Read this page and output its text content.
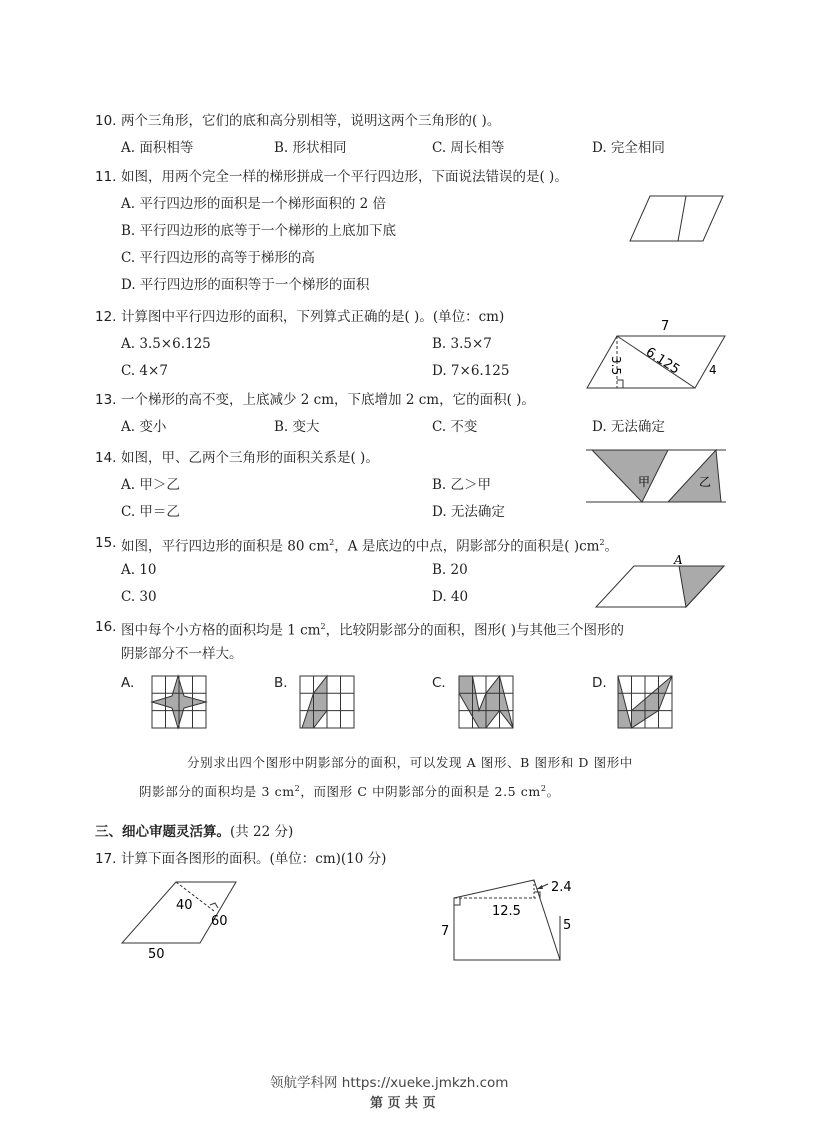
10. 两个三角形，它们的底和高分别相等，说明这两个三角形的( )。
A. 面积相等	B. 形状相同	C. 周长相等	D. 完全相同
11. 如图，用两个完全一样的梯形拼成一个平行四边形，下面说法错误的是( )。
A. 平行四边形的面积是一个梯形面积的 2 倍
B. 平行四边形的底等于一个梯形的上底加下底
C. 平行四边形的高等于梯形的高
D. 平行四边形的面积等于一个梯形的面积
12. 计算图中平行四边形的面积，下列算式正确的是( )。(单位：cm)
A. 3.5×6.125	B. 3.5×7
C. 4×7	D. 7×6.125
7
6.125
3.5	4
13. 一个梯形的高不变，上底减少 2 cm，下底增加 2 cm，它的面积( )。
A. 变小	B. 变大	C. 不变	D. 无法确定
14. 如图，甲、乙两个三角形的面积关系是( )。
A. 甲＞乙	B. 乙＞甲
C. 甲＝乙	D. 无法确定
甲	乙
15. 如图，平行四边形的面积是 80 $cm^2$，A 是底边的中点，阴影部分的面积是( )$cm^2$。
A. 10	B. 20
C. 30	D. 40
A
16. 图中每个小方格的面积均是 1 $cm^2$，比较阴影部分的面积，图形( )与其他三个图形的
阴影部分不一样大。
A.	B.	C.	D.
分别求出四个图形中阴影部分的面积，可以发现 A 图形、B 图形和 D 图形中
阴影部分的面积均是 3 $cm^2$，而图形 C 中阴影部分的面积是 2.5 $cm^2$。
三、细心审题灵活算。(共 22 分)
17. 计算下面各图形的面积。(单位：cm)(10 分)
40
60
50
2.4
12.5
7	5
领航学科网 https://xueke.jmkzh.com
第 页 共 页
